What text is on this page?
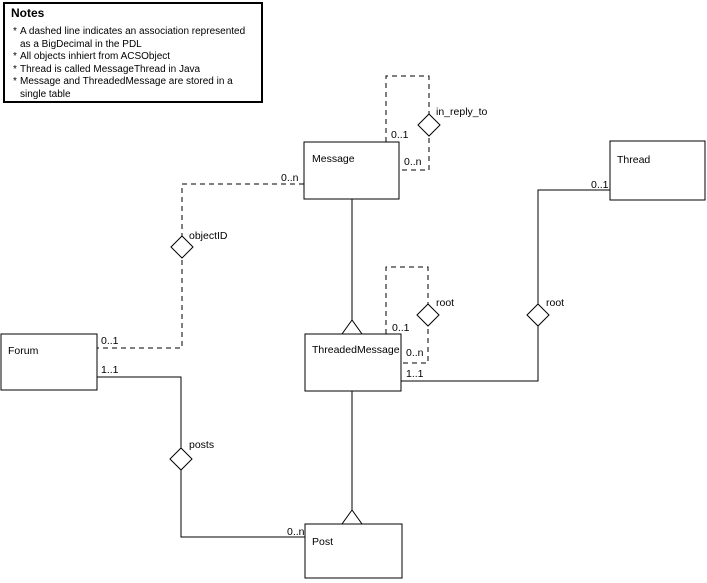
Message	Thread
ThreadedMessage
Forum
Post
in_reply_to
objectID
root	root
posts
0..1
0..n
0..n
0..1
0..1
0..n
1..1
0..1
1..1
0..n
Notes
* A dashed line indicates an association represented
as a BigDecimal in the PDL
* All objects inhiert from ACSObject
* Thread is called MessageThread in Java
* Message and ThreadedMessage are stored in a
single table
